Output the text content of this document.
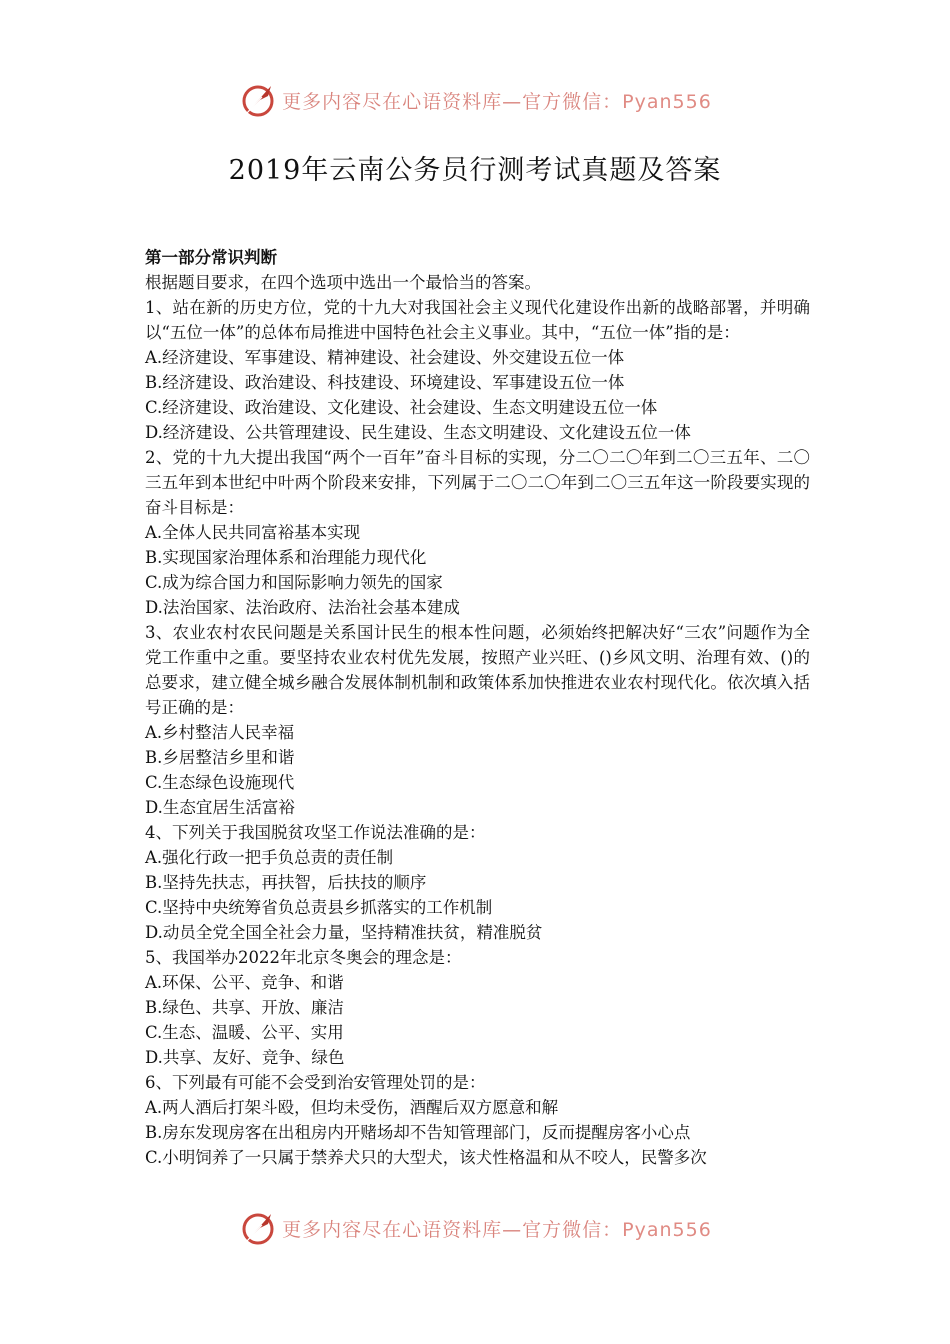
更多内容尽在心语资料库—官方微信：Pyan556
2019年云南公务员行测考试真题及答案

第一部分常识判断

根据题目要求，在四个选项中选出一个最恰当的答案。

1、站在新的历史方位，党的十九大对我国社会主义现代化建设作出新的战略部署，并明确以“五位一体”的总体布局推进中国特色社会主义事业。其中，“五位一体”指的是：

A.经济建设、军事建设、精神建设、社会建设、外交建设五位一体

B.经济建设、政治建设、科技建设、环境建设、军事建设五位一体

C.经济建设、政治建设、文化建设、社会建设、生态文明建设五位一体

D.经济建设、公共管理建设、民生建设、生态文明建设、文化建设五位一体

2、党的十九大提出我国“两个一百年”奋斗目标的实现，分二〇二〇年到二〇三五年、二〇三五年到本世纪中叶两个阶段来安排，下列属于二〇二〇年到二〇三五年这一阶段要实现的奋斗目标是：

A.全体人民共同富裕基本实现

B.实现国家治理体系和治理能力现代化

C.成为综合国力和国际影响力领先的国家

D.法治国家、法治政府、法治社会基本建成

3、农业农村农民问题是关系国计民生的根本性问题，必须始终把解决好“三农”问题作为全党工作重中之重。要坚持农业农村优先发展，按照产业兴旺、()乡风文明、治理有效、()的总要求，建立健全城乡融合发展体制机制和政策体系加快推进农业农村现代化。依次填入括号正确的是：

A.乡村整洁人民幸福

B.乡居整洁乡里和谐

C.生态绿色设施现代

D.生态宜居生活富裕

4、下列关于我国脱贫攻坚工作说法准确的是：

A.强化行政一把手负总责的责任制

B.坚持先扶志，再扶智，后扶技的顺序

C.坚持中央统筹省负总责县乡抓落实的工作机制

D.动员全党全国全社会力量，坚持精准扶贫，精准脱贫

5、我国举办2022年北京冬奥会的理念是：

A.环保、公平、竞争、和谐

B.绿色、共享、开放、廉洁

C.生态、温暖、公平、实用

D.共享、友好、竞争、绿色

6、下列最有可能不会受到治安管理处罚的是：

A.两人酒后打架斗殴，但均未受伤，酒醒后双方愿意和解

B.房东发现房客在出租房内开赌场却不告知管理部门，反而提醒房客小心点

C.小明饲养了一只属于禁养犬只的大型犬，该犬性格温和从不咬人，民警多次

更多内容尽在心语资料库—官方微信：Pyan556
